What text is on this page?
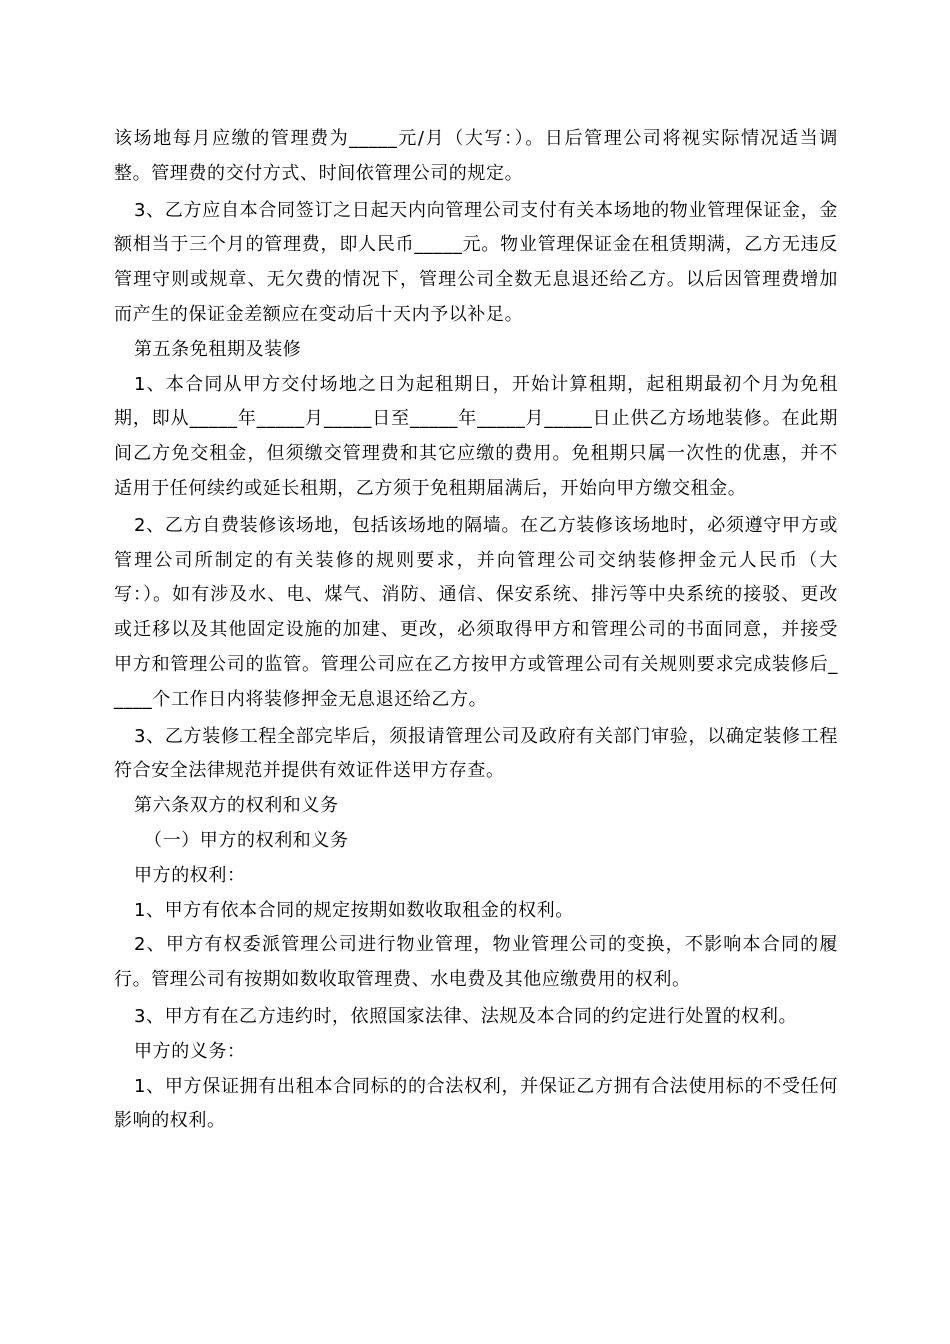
该场地每月应缴的管理费为_____元/月（大写：）。日后管理公司将视实际情况适当调整。管理费的交付方式、时间依管理公司的规定。

3、乙方应自本合同签订之日起天内向管理公司支付有关本场地的物业管理保证金，金额相当于三个月的管理费，即人民币_____元。物业管理保证金在租赁期满，乙方无违反管理守则或规章、无欠费的情况下，管理公司全数无息退还给乙方。以后因管理费增加而产生的保证金差额应在变动后十天内予以补足。

第五条免租期及装修

1、本合同从甲方交付场地之日为起租期日，开始计算租期，起租期最初个月为免租期，即从_____年_____月_____日至_____年_____月_____日止供乙方场地装修。在此期间乙方免交租金，但须缴交管理费和其它应缴的费用。免租期只属一次性的优惠，并不适用于任何续约或延长租期，乙方须于免租期届满后，开始向甲方缴交租金。

2、乙方自费装修该场地，包括该场地的隔墙。在乙方装修该场地时，必须遵守甲方或管理公司所制定的有关装修的规则要求，并向管理公司交纳装修押金元人民币（大写：）。如有涉及水、电、煤气、消防、通信、保安系统、排污等中央系统的接驳、更改或迁移以及其他固定设施的加建、更改，必须取得甲方和管理公司的书面同意，并接受甲方和管理公司的监管。管理公司应在乙方按甲方或管理公司有关规则要求完成装修后_____个工作日内将装修押金无息退还给乙方。

3、乙方装修工程全部完毕后，须报请管理公司及政府有关部门审验，以确定装修工程符合安全法律规范并提供有效证件送甲方存查。

第六条双方的权利和义务

（一）甲方的权利和义务

甲方的权利：

1、甲方有依本合同的规定按期如数收取租金的权利。

2、甲方有权委派管理公司进行物业管理，物业管理公司的变换，不影响本合同的履行。管理公司有按期如数收取管理费、水电费及其他应缴费用的权利。

3、甲方有在乙方违约时，依照国家法律、法规及本合同的约定进行处置的权利。

甲方的义务：

1、甲方保证拥有出租本合同标的的合法权利，并保证乙方拥有合法使用标的不受任何影响的权利。
